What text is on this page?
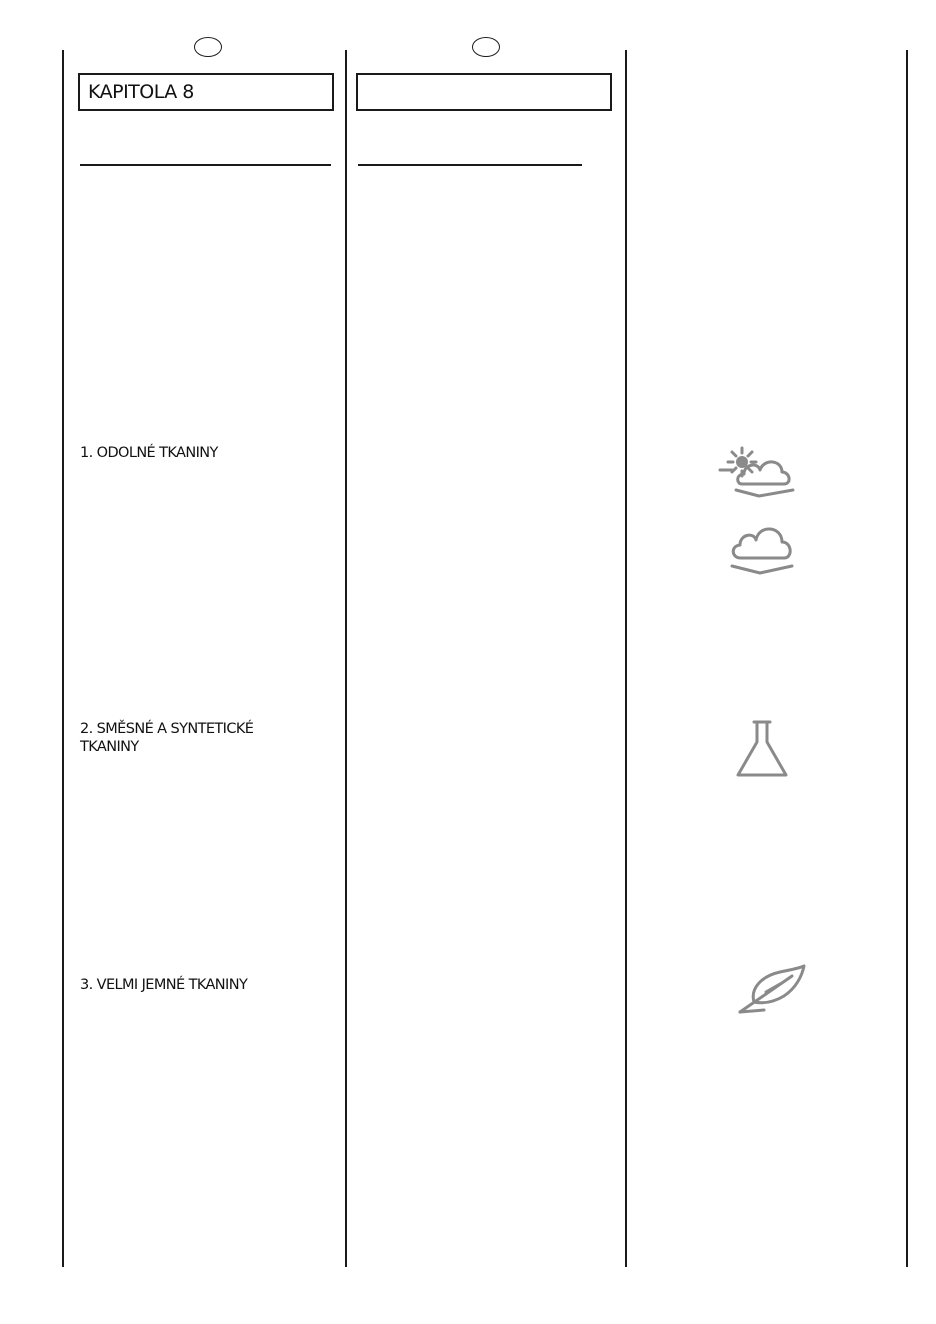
KAPITOLA 8
1. ODOLNÉ TKANINY
2. SMĚSNÉ A SYNTETICKÉ TKANINY
3. VELMI JEMNÉ TKANINY
